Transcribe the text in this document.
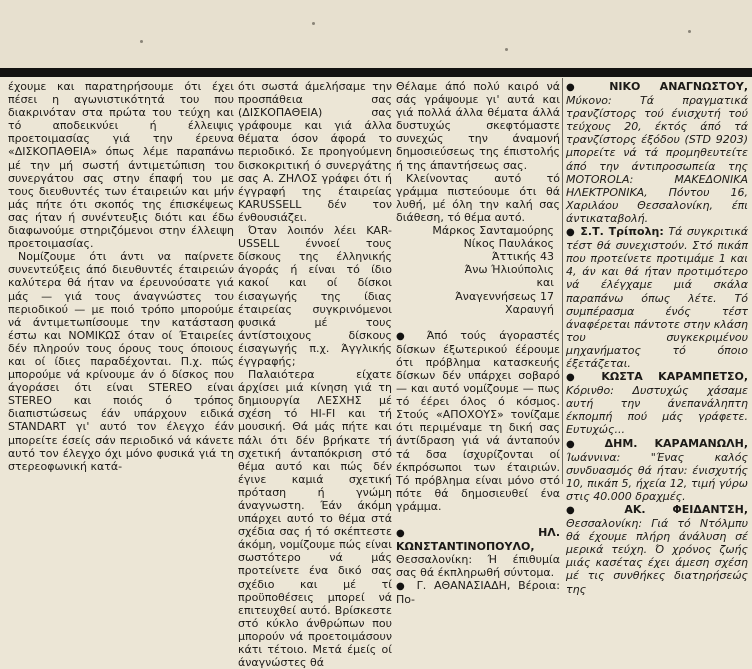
έχουμε και παρατηρήσουμε ότι έχει πέσει η αγωνιστικότητά του που διακρινόταν στα πρώτα του τεύχη και τό αποδεικνύει ή έλλειψις προετοιμασίας γιά την έρευνα «ΔΙΣΚΟΠΑΘΕΙΑ» όπως λέμε παραπάνω μέ την μή σωστή άντιμετώπιση του συνεργάτου σας στην έπαφή του με τους διευθυντές των έταιρειών και μήν μάς πήτε ότι σκοπός της έπισκέψεως σας ήταν ή συνέντευξις διότι και έδω διαφωνούμε στηριζόμενοι στην έλλειψη προετοιμασίας.

Νομίζουμε ότι άντι να παίρνετε συνεντεύξεις άπό διευθυντές έταιρειών καλύτερα θά ήταν να έρευνούσατε γιά μάς — γιά τους άναγνώστες του περιοδικού — με ποιό τρόπο μπορούμε νά άντιμετωπίσουμε την κατάσταση έστω και ΝΟΜΙΚΩΣ όταν οί Έταιρείες δέν πληρούν τους όρους τους όποιους και οί ίδιες παραδέχονται. Π.χ. πώς μπορούμε νά κρίνουμε άν ό δίσκος που άγοράσει ότι είναι STEREO είναι STEREO και ποιός ό τρόπος διαπιστώσεως έάν υπάρχουν ειδικά STANDART γι' αυτό τον έλεγχο έάν μπορείτε έσείς σάν περιοδικό νά κάνετε αυτό τον έλεγχο όχι μόνο φυσικά γιά τη στερεοφωνική κατά-

ότι σωστά άμελήσαμε την προσπάθεια σας (ΔΙΣΚΟΠΑΘΕΙΑ) σας γράφουμε και γιά άλλα θέματα όσον άφορά το περιοδικό. Σε προηγούμενη δισκοκριτική ό συνεργάτης σας Α. ΖΗΛΟΣ γράφει ότι ή έγγραφή της έταιρείας KARUSSELL δέν τον ένθουσιάζει.

Όταν λοιπόν λέει KAR-USSELL έννοεί τους δίσκους της έλληνικής άγοράς ή είναι τό ίδιο κακοί και οί δίσκοι έισαγωγής της ίδιας έταιρείας συγκρινόμενοι φυσικά μέ τους άντίστοιχους δίσκους έισαγωγής π.χ. Άγγλικής έγγραφής;

Παλαιότερα είχατε άρχίσει μιά κίνηση γιά τη δημιουργία ΛΕΣΧΗΣ μέ σχέση τό HI-FI και τή μουσική. Θά μάς πήτε και πάλι ότι δέν βρήκατε τή σχετική άνταπόκριση στό θέμα αυτό και πώς δέν έγινε καμιά σχετική πρόταση ή γνώμη άναγνωστη. Έάν άκόμη υπάρχει αυτό το θέμα στά σχέδια σας ή τό σκέπτεστε άκόμη, νομίζουμε πώς είναι σωστότερο νά μάς προτείνετε ένα δικό σας σχέδιο και μέ τί προϋποθέσεις μπορεί νά επιτευχθεί αυτό. Βρίσκεστε στό κύκλο άνθρώπων που μπορούν νά προετοιμάσουν κάτι τέτοιο. Μετά έμείς οί άναγνώστες θά

Θέλαμε άπό πολύ καιρό νά σάς γράψουμε γι' αυτά και γιά πολλά άλλα θέματα άλλά δυστυχώς σκεφτόμαστε συνεχώς την άναμονή δημοσιεύσεως της έπιστολής ή της άπαντήσεως σας.

Κλείνοντας αυτό τό γράμμα πιστεύουμε ότι θά λυθή, μέ όλη την καλή σας διάθεση, τό θέμα αυτό.

Μάρκος Σανταμούρης
Νίκος Παυλάκος
Άττικής 43
Άνω Ήλιούπολις
και
Άναγεννήσεως 17
Χαραυγή

● Άπό τούς άγοραστές δίσκων έξωτερικού έέρουμε ότι πρόβλημα κατασκευής δίσκων δέν υπάρχει σοβαρό — και αυτό νομίζουμε — πως τό έέρει όλος ό κόσμος. Στούς «ΑΠΟΧΟΥΣ» τονίζαμε ότι περιμέναμε τη δική σας άντίδραση γιά νά άνταπούν τά δσα ίσχυρίζονται οί έκπρόσωποι των έταιριών. Τό πρόβλημα είναι μόνο στό πότε θά δημοσιευθεί ένα γράμμα.

●	ΗΛ. ΚΩΝΣΤΑΝΤΙΝΟΠΟΥΛΟ, Θεσσαλονίκη: Ή έπιθυμία σας θά έκπληρωθή σύντομα.

● Γ. ΑΘΑΝΑΣΙΑΔΗ, Βέροια: Πο-

● ΝΙΚΟ ΑΝΑΓΝΩΣΤΟΥ, Μύκονο: Τά πραγματικά τρανζίστορς τού ένισχυτή τού τεύχους 20, έκτός άπό τά τρανζίστορς έξόδου (STD 9203) μπορείτε νά τά προμηθευτείτε άπό την άντιπροσωπεία της MOTOROLA: ΜΑΚΕΔΟΝΙΚΑ ΗΛΕΚΤΡΟΝΙΚΑ, Πόντου 16, Χαριλάου Θεσσαλονίκη, έπι άντικαταβολή.

● Σ.Τ. Τρίπολη: Τά συγκριτικά τέστ θά συνεχιστούν. Στό πικάπ που προτείνετε προτιμάμε 1 και 4, άν και θά ήταν προτιμότερο νά έλέγχαμε μιά σκάλα παραπάνω όπως λέτε. Τό συμπέρασμα ένός τέστ άναφέρεται πάντοτε στην κλάση του συγκεκριμένου μηχανήματος τό όποιο έξετάζεται.

● ΚΩΣΤΑ ΚΑΡΑΜΠΕΤΣΟ, Κόρινθο: Δυστυχώς χάσαμε αυτή την άνεπανάληπτη έκπομπή πού μάς γράφετε. Ευτυχώς...

● ΔΗΜ. ΚΑΡΑΜΑΝΩΛΗ, Ίωάννινα: "Ένας καλός συνδυασμός θά ήταν: ένισχυτής 10, πικάπ 5, ήχεία 12, τιμή γύρω στις 40.000 δραχμές.

● ΑΚ. ΦΕΙΔΑΝΤΣΗ, Θεσσαλονίκη: Γιά τό Ντόλμπυ θά έχουμε πλήρη άνάλυση σέ μερικά τεύχη. Ό χρόνος ζωής μιάς κασέτας έχει άμεση σχέση μέ τις συνθήκες διατηρήσεώς της
